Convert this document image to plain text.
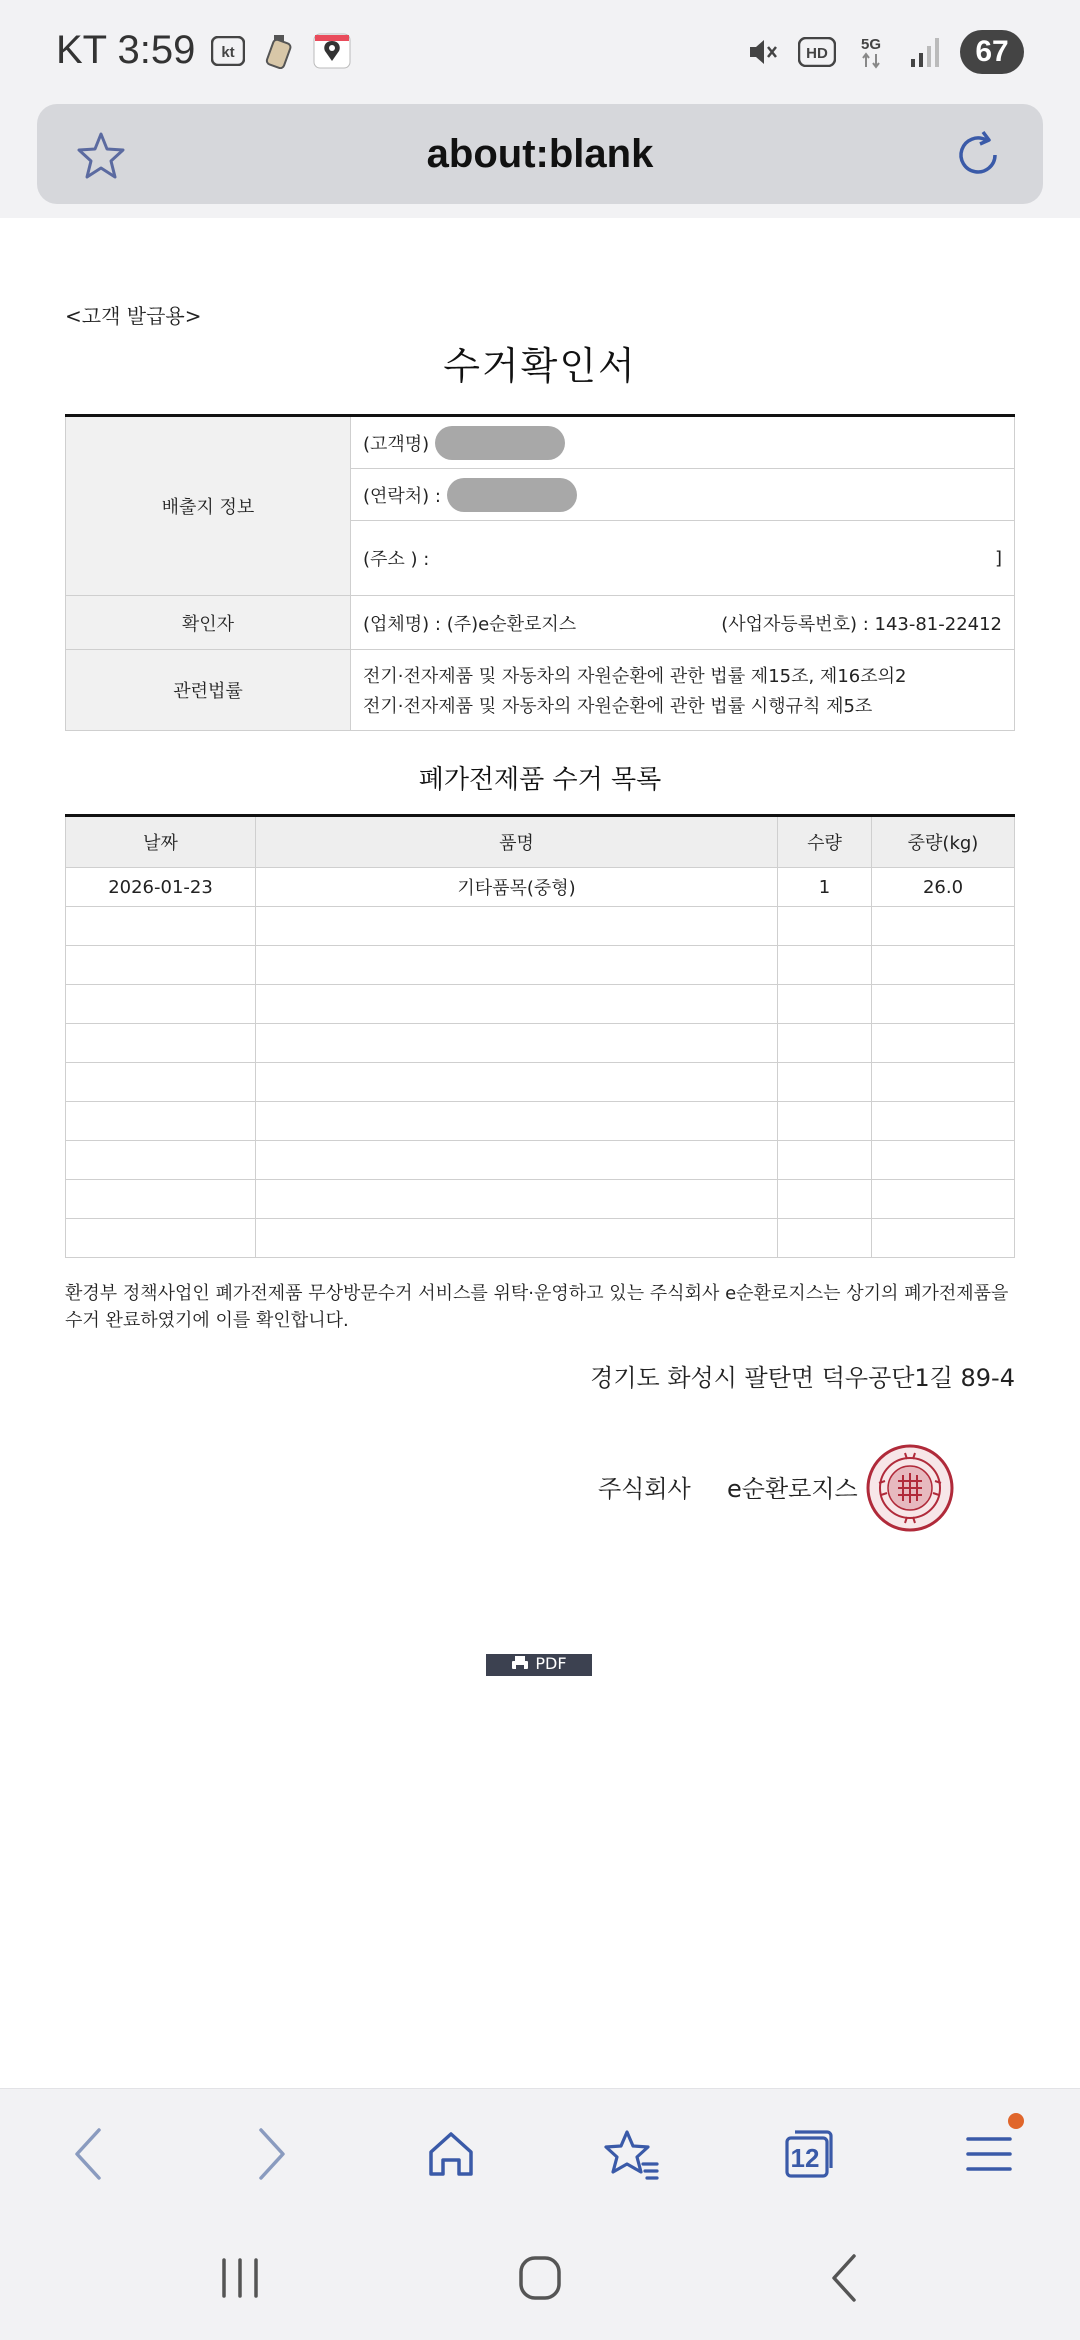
KT 3:59 kt	HD
5G	67
about:blank
<고객 발급용>
수거확인서
배출지 정보	(고객명)
(연락처) :
(주소 ) : ]

확인자	(업체명) : (주)e순환로지스 (사업자등록번호) : 143-81-22412

관련법률	전기·전자제품 및 자동차의 자원순환에 관한 법률 제15조, 제16조의2
전기·전자제품 및 자동차의 자원순환에 관한 법률 시행규칙 제5조
폐가전제품 수거 목록
날짜	품명	수량	중량(kg)
2026-01-23	기타품목(중형)	1	26.0

환경부 정책사업인 폐가전제품 무상방문수거 서비스를 위탁·운영하고 있는 주식회사 e순환로지스는 상기의 폐가전제품을 수거 완료하였기에 이를 확인합니다.
경기도 화성시 팔탄면 덕우공단1길 89-4
주식회사 e순환로지스
PDF
12
